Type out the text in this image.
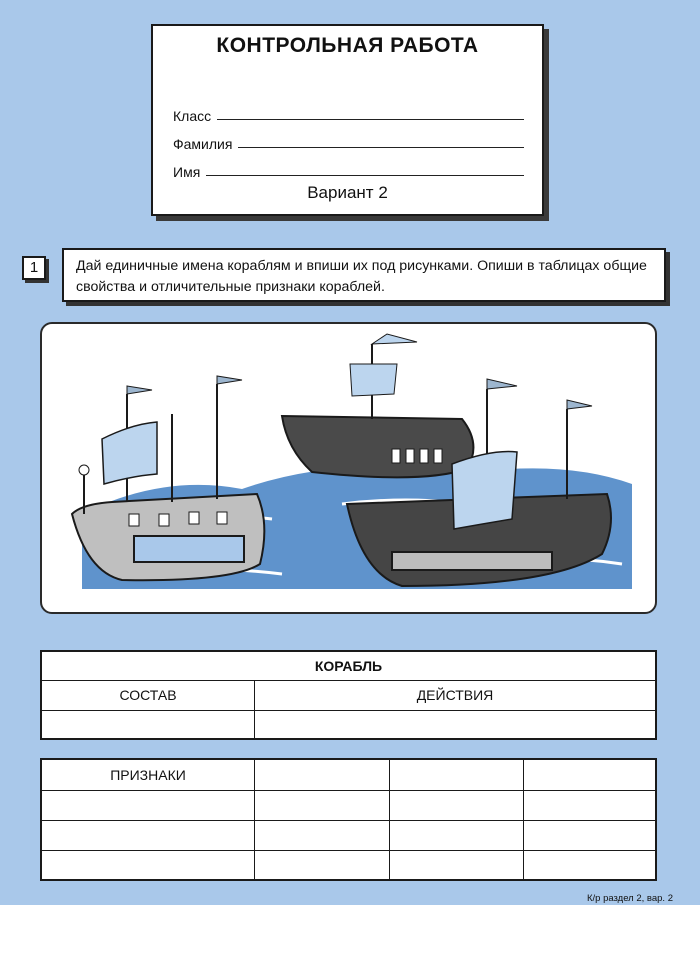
КОНТРОЛЬНАЯ РАБОТА
Класс
Фамилия
Имя
Вариант 2
1	Дай единичные имена кораблям и впиши их под рисунками. Опиши в таблицах общие свойства и отличительные признаки кораблей.
КОРАБЛЬ
СОСТАВ	ДЕЙСТВИЯ
ПРИЗНАКИ
К/р раздел 2, вар. 2
